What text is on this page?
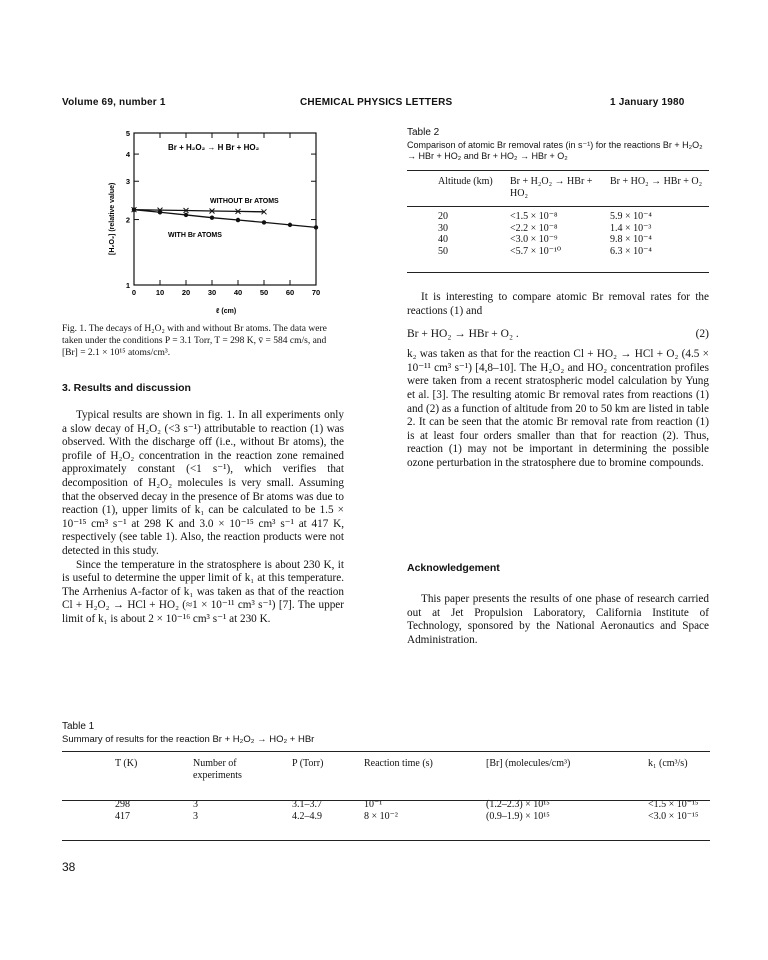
Volume 69, number 1	CHEMICAL PHYSICS LETTERS	1 January 1980
0	10 20 30 40 50 60 70
1
2
3
4
5
Br + H₂O₂ → H Br + HO₂
WITHOUT Br ATOMS
WITH Br ATOMS
[H₂O₂] (relative value)
ℓ (cm)
Fig. 1. The decays of H₂O₂ with and without Br atoms. The data were taken under the conditions P = 3.1 Torr, T = 298 K, v̄ = 584 cm/s, and [Br] = 2.1 × 10¹⁵ atoms/cm³.
3. Results and discussion

Typical results are shown in fig. 1. In all experiments only a slow decay of H₂O₂ (<3 s⁻¹) attributable to reaction (1) was observed. With the discharge off (i.e., without Br atoms), the profile of H₂O₂ concentration in the reaction zone remained approximately constant (<1 s⁻¹), which verifies that decomposition of H₂O₂ molecules is very small. Assuming that the observed decay in the presence of Br atoms was due to reaction (1), upper limits of k₁ can be calculated to be 1.5 × 10⁻¹⁵ cm³ s⁻¹ at 298 K and 3.0 × 10⁻¹⁵ cm³ s⁻¹ at 417 K, respectively (see table 1). Also, the reaction products were not detected in this study.

Since the temperature in the stratosphere is about 230 K, it is useful to determine the upper limit of k₁ at this temperature. The Arrhenius A-factor of k₁ was taken as that of the reaction Cl + H₂O₂ → HCl + HO₂ (≈1 × 10⁻¹¹ cm³ s⁻¹) [7]. The upper limit of k₁ is about 2 × 10⁻¹⁶ cm³ s⁻¹ at 230 K.

Table 2
Comparison of atomic Br removal rates (in s⁻¹) for the reactions Br + H₂O₂ → HBr + HO₂ and Br + HO₂ → HBr + O₂
Altitude (km)	Br + H₂O₂ → HBr + HO₂	Br + HO₂ → HBr + O₂

20	<1.5 × 10⁻⁸	5.9 × 10⁻⁴
30	<2.2 × 10⁻⁸	1.4 × 10⁻³
40	<3.0 × 10⁻⁹	9.8 × 10⁻⁴
50	<5.7 × 10⁻¹⁰	6.3 × 10⁻⁴

It is interesting to compare atomic Br removal rates for the reactions (1) and

Br + HO₂ → HBr + O₂ .	(2)

k₂ was taken as that for the reaction Cl + HO₂ → HCl + O₂ (4.5 × 10⁻¹¹ cm³ s⁻¹) [4,8–10]. The H₂O₂ and HO₂ concentration profiles were taken from a recent stratospheric model calculation by Yung et al. [3]. The resulting atomic Br removal rates from reactions (1) and (2) as a function of altitude from 20 to 50 km are listed in table 2. It can be seen that the atomic Br removal rate from reaction (1) is at least four orders smaller than that for reaction (2). Thus, reaction (1) may not be important in determining the possible ozone perturbation in the stratosphere due to bromine compounds.

Acknowledgement

This paper presents the results of one phase of research carried out at Jet Propulsion Laboratory, California Institute of Technology, sponsored by the National Aeronautics and Space Administration.

Table 1
Summary of results for the reaction Br + H₂O₂ → HO₂ + HBr
T (K)	Number of experiments	P (Torr)	Reaction time (s)	[Br] (molecules/cm³)	k₁ (cm³/s)

298	3	3.1–3.7	10⁻¹	(1.2–2.3) × 10¹⁵	<1.5 × 10⁻¹⁵
417	3	4.2–4.9	8 × 10⁻²	(0.9–1.9) × 10¹⁵	<3.0 × 10⁻¹⁵
38
